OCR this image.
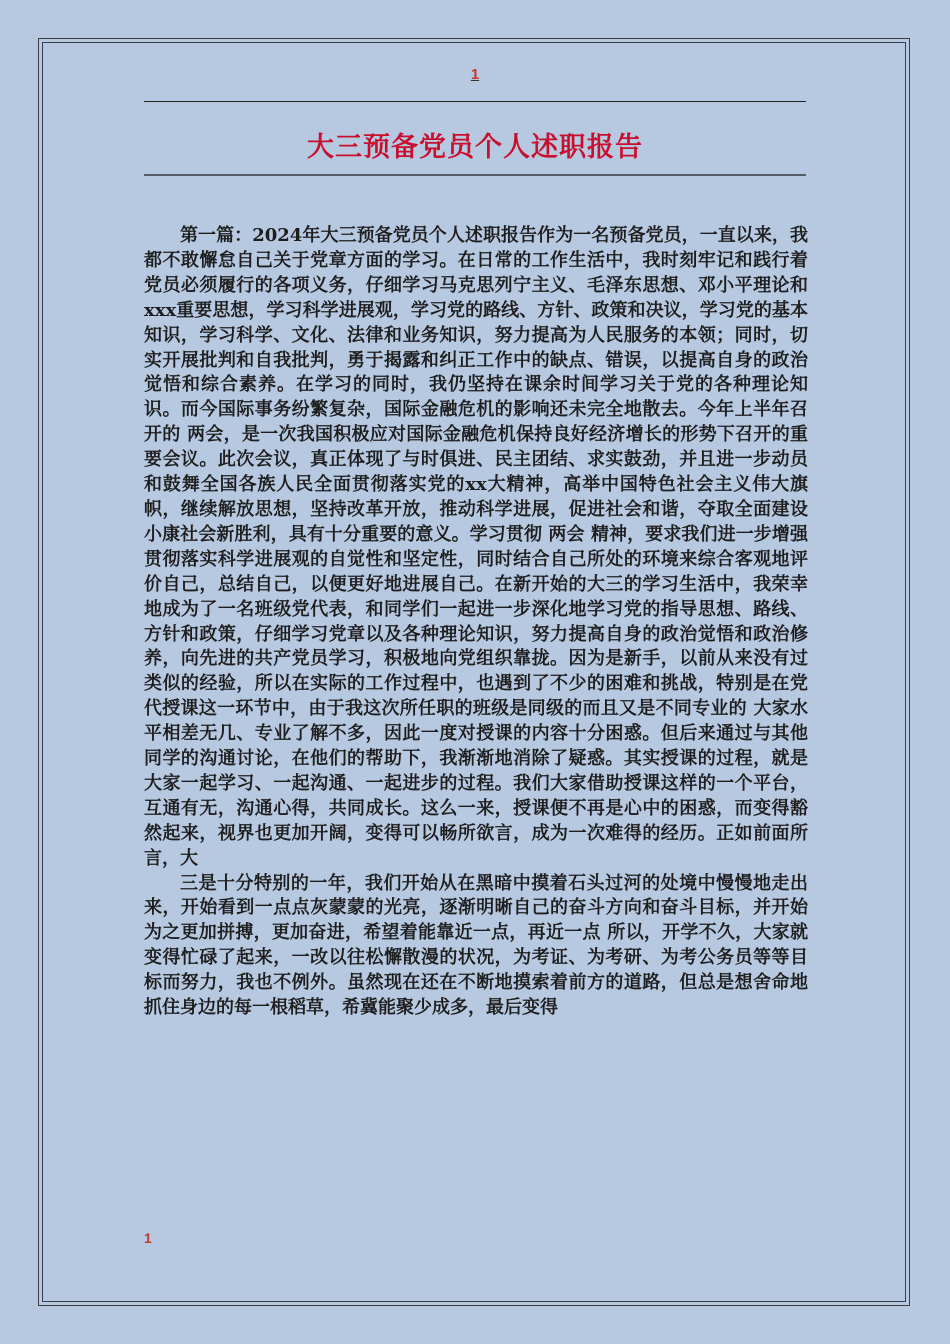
1
大三预备党员个人述职报告

第一篇：2024年大三预备党员个人述职报告作为一名预备党员，一直以来，我都不敢懈怠自己关于党章方面的学习。在日常的工作生活中，我时刻牢记和践行着党员必须履行的各项义务，仔细学习马克思列宁主义、毛泽东思想、邓小平理论和xxx重要思想，学习科学进展观，学习党的路线、方针、政策和决议，学习党的基本知识，学习科学、文化、法律和业务知识，努力提高为人民服务的本领；同时，切实开展批判和自我批判，勇于揭露和纠正工作中的缺点、错误，以提高自身的政治觉悟和综合素养。在学习的同时，我仍坚持在课余时间学习关于党的各种理论知识。而今国际事务纷繁复杂，国际金融危机的影响还未完全地散去。今年上半年召开的 两会，是一次我国积极应对国际金融危机保持良好经济增长的形势下召开的重要会议。此次会议，真正体现了与时俱进、民主团结、求实鼓劲，并且进一步动员和鼓舞全国各族人民全面贯彻落实党的xx大精神，高举中国特色社会主义伟大旗帜，继续解放思想，坚持改革开放，推动科学进展，促进社会和谐，夺取全面建设小康社会新胜利，具有十分重要的意义。学习贯彻 两会 精神，要求我们进一步增强贯彻落实科学进展观的自觉性和坚定性，同时结合自己所处的环境来综合客观地评价自己，总结自己，以便更好地进展自己。在新开始的大三的学习生活中，我荣幸地成为了一名班级党代表，和同学们一起进一步深化地学习党的指导思想、路线、方针和政策，仔细学习党章以及各种理论知识，努力提高自身的政治觉悟和政治修养，向先进的共产党员学习，积极地向党组织靠拢。因为是新手，以前从来没有过类似的经验，所以在实际的工作过程中，也遇到了不少的困难和挑战，特别是在党代授课这一环节中，由于我这次所任职的班级是同级的而且又是不同专业的 大家水平相差无几、专业了解不多，因此一度对授课的内容十分困惑。但后来通过与其他同学的沟通讨论，在他们的帮助下，我渐渐地消除了疑惑。其实授课的过程，就是大家一起学习、一起沟通、一起进步的过程。我们大家借助授课这样的一个平台，互通有无，沟通心得，共同成长。这么一来，授课便不再是心中的困惑，而变得豁然起来，视界也更加开阔，变得可以畅所欲言，成为一次难得的经历。正如前面所言，大

三是十分特别的一年，我们开始从在黑暗中摸着石头过河的处境中慢慢地走出来，开始看到一点点灰蒙蒙的光亮，逐渐明晰自己的奋斗方向和奋斗目标，并开始为之更加拼搏，更加奋进，希望着能靠近一点，再近一点 所以，开学不久，大家就变得忙碌了起来，一改以往松懈散漫的状况，为考证、为考研、为考公务员等等目标而努力，我也不例外。虽然现在还在不断地摸索着前方的道路，但总是想舍命地抓住身边的每一根稻草，希冀能聚少成多，最后变得

1
